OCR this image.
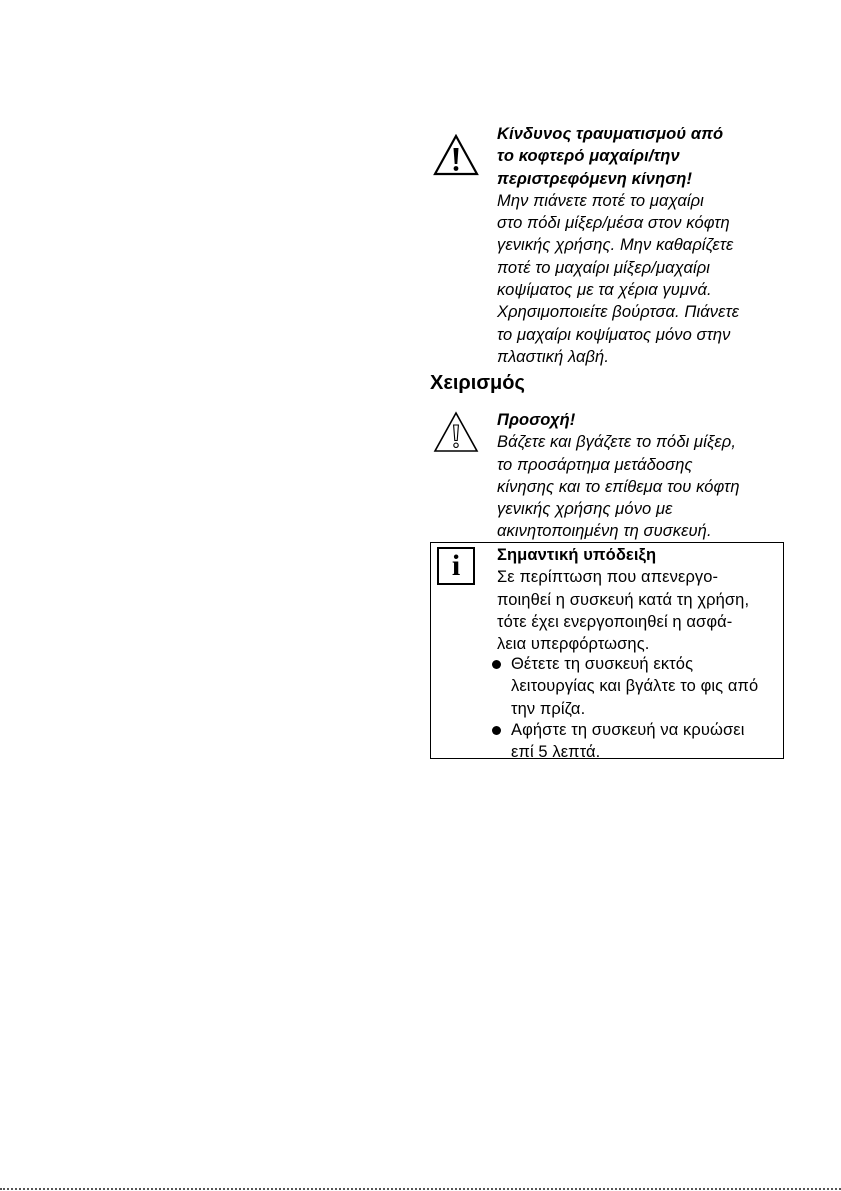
Κίνδυνος τραυματισμού από
το κοφτερό μαχαίρι/την
περιστρεφόμενη κίνηση!
Μην πιάνετε ποτέ το μαχαίρι
στο πόδι μίξερ/μέσα στον κόφτη
γενικής χρήσης. Μην καθαρίζετε
ποτέ το μαχαίρι μίξερ/μαχαίρι
κοψίματος με τα χέρια γυμνά.
Χρησιμοποιείτε βούρτσα. Πιάνετε
το μαχαίρι κοψίματος μόνο στην
πλαστική λαβή.
Χειρισμός
Προσοχή!
Βάζετε και βγάζετε το πόδι μίξερ,
το προσάρτημα μετάδοσης
κίνησης και το επίθεμα του κόφτη
γενικής χρήσης μόνο με
ακινητοποιημένη τη συσκευή.
i	Σημαντική υπόδειξη
Σε περίπτωση που απενεργο-
ποιηθεί η συσκευή κατά τη χρήση,
τότε έχει ενεργοποιηθεί η ασφά-
λεια υπερφόρτωσης.
Θέτετε τη συσκευή εκτός
λειτουργίας και βγάλτε το φις από
την πρίζα.
Αφήστε τη συσκευή να κρυώσει
επί 5 λεπτά.
